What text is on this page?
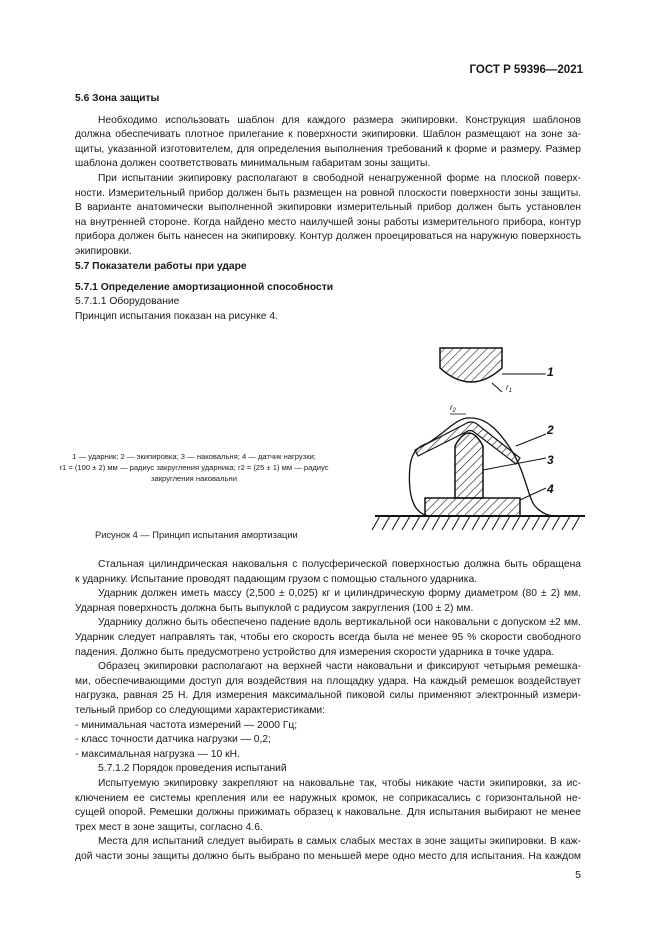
ГОСТ Р 59396—2021
5.6 Зона защиты
Необходимо использовать шаблон для каждого размера экипировки. Конструкция шаблонов
должна обеспечивать плотное прилегание к поверхности экипировки. Шаблон размещают на зоне за-
щиты, указанной изготовителем, для определения выполнения требований к форме и размеру. Размер
шаблона должен соответствовать минимальным габаритам зоны защиты.
При испытании экипировку располагают в свободной ненагруженной форме на плоской поверх-
ности. Измерительный прибор должен быть размещен на ровной плоскости поверхности зоны защиты.
В варианте анатомически выполненной экипировки измерительный прибор должен быть установлен
на внутренней стороне. Когда найдено место наилучшей зоны работы измерительного прибора, контур
прибора должен быть нанесен на экипировку. Контур должен проецироваться на наружную поверхность
экипировки.
5.7 Показатели работы при ударе
5.7.1 Определение амортизационной способности
5.7.1.1 Оборудование
Принцип испытания показан на рисунке 4.
$r_1$
1
$r_2$
2
3
4
1 — ударник; 2 — экипировка; 3 — наковальня; 4 — датчик нагрузки;
r1 = (100 ± 2) мм — радиус закругления ударника; r2 = (25 ± 1) мм — радиус
закругления наковальни
Рисунок 4 — Принцип испытания амортизации
Стальная цилиндрическая наковальня с полусферической поверхностью должна быть обращена
к ударнику. Испытание проводят падающим грузом с помощью стального ударника.
Ударник должен иметь массу (2,500 ± 0,025) кг и цилиндрическую форму диаметром (80 ± 2) мм.
Ударная поверхность должна быть выпуклой с радиусом закругления (100 ± 2) мм.
Ударнику должно быть обеспечено падение вдоль вертикальной оси наковальни с допуском ±2 мм.
Ударник следует направлять так, чтобы его скорость всегда была не менее 95 % скорости свободного
падения. Должно быть предусмотрено устройство для измерения скорости ударника в точке удара.
Образец экипировки располагают на верхней части наковальни и фиксируют четырьмя ремешка-
ми, обеспечивающими доступ для воздействия на площадку удара. На каждый ремешок воздействует
нагрузка, равная 25 Н. Для измерения максимальной пиковой силы применяют электронный измери-
тельный прибор со следующими характеристиками:
- минимальная частота измерений — 2000 Гц;
- класс точности датчика нагрузки — 0,2;
- максимальная нагрузка — 10 кН.
5.7.1.2 Порядок проведения испытаний
Испытуемую экипировку закрепляют на наковальне так, чтобы никакие части экипировки, за ис-
ключением ее системы крепления или ее наружных кромок, не соприкасались с горизонтальной не-
сущей опорой. Ремешки должны прижимать образец к наковальне. Для испытания выбирают не менее
трех мест в зоне защиты, согласно 4.6.
Места для испытаний следует выбирать в самых слабых местах в зоне защиты экипировки. В каж-
дой части зоны защиты должно быть выбрано по меньшей мере одно место для испытания. На каждом
5
